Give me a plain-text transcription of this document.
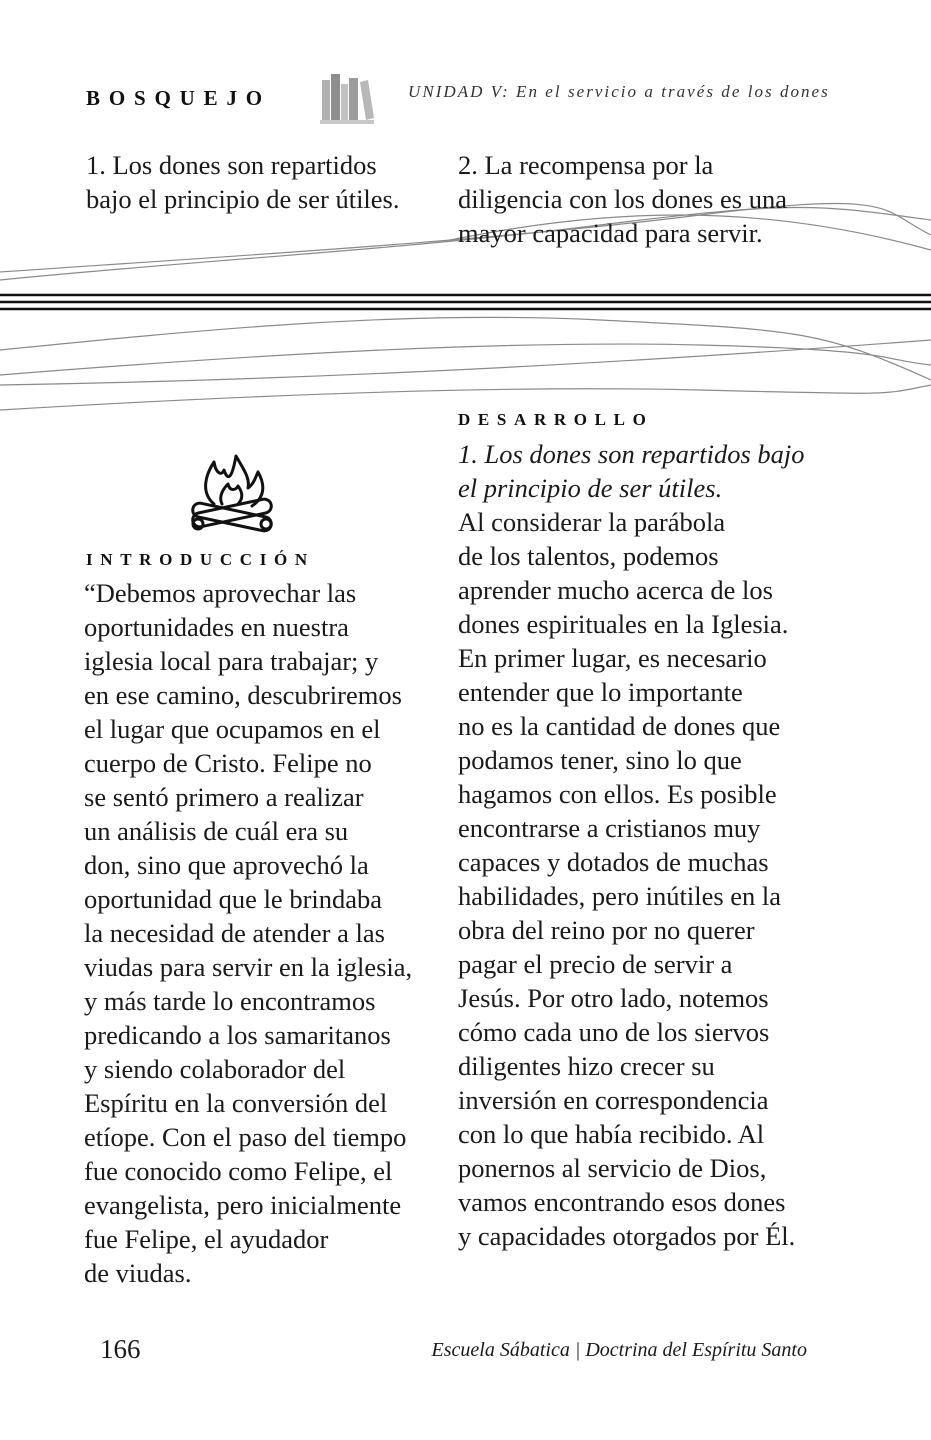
BOSQUEJO	UNIDAD V: En el servicio a través de los dones
1. Los dones son repartidos
bajo el principio de ser útiles.
2. La recompensa por la
diligencia con los dones es una
mayor capacidad para servir.
INTRODUCCIÓN
“Debemos aprovechar las
oportunidades en nuestra
iglesia local para trabajar; y
en ese camino, descubriremos
el lugar que ocupamos en el
cuerpo de Cristo. Felipe no
se sentó primero a realizar
un análisis de cuál era su
don, sino que aprovechó la
oportunidad que le brindaba
la necesidad de atender a las
viudas para servir en la iglesia,
y más tarde lo encontramos
predicando a los samaritanos
y siendo colaborador del
Espíritu en la conversión del
etíope. Con el paso del tiempo
fue conocido como Felipe, el
evangelista, pero inicialmente
fue Felipe, el ayudador
de viudas.
DESARROLLO
1. Los dones son repartidos bajo
el principio de ser útiles.
Al considerar la parábola
de los talentos, podemos
aprender mucho acerca de los
dones espirituales en la Iglesia.
En primer lugar, es necesario
entender que lo importante
no es la cantidad de dones que
podamos tener, sino lo que
hagamos con ellos. Es posible
encontrarse a cristianos muy
capaces y dotados de muchas
habilidades, pero inútiles en la
obra del reino por no querer
pagar el precio de servir a
Jesús. Por otro lado, notemos
cómo cada uno de los siervos
diligentes hizo crecer su
inversión en correspondencia
con lo que había recibido. Al
ponernos al servicio de Dios,
vamos encontrando esos dones
y capacidades otorgados por Él.
166	Escuela Sábatica | Doctrina del Espíritu Santo
